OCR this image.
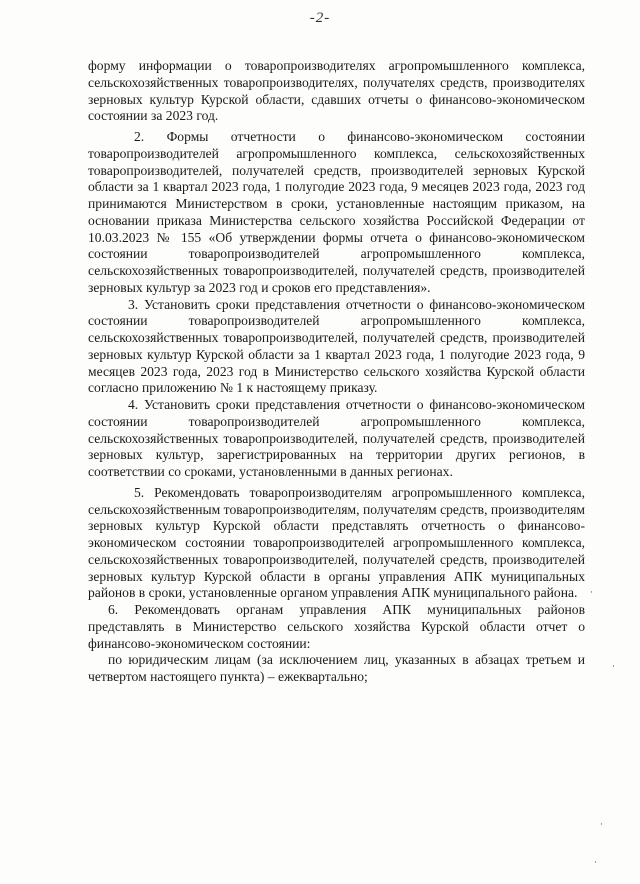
-2-

форму информации о товаропроизводителях агропромышленного комплекса, сельскохозяйственных товаропроизводителях, получателях средств, производителях зерновых культур Курской области, сдавших отчеты о финансово-экономическом состоянии за 2023 год.

2. Формы отчетности о финансово-экономическом состоянии товаропроизводителей агропромышленного комплекса, сельскохозяйственных товаропроизводителей, получателей средств, производителей зерновых Курской области за 1 квартал 2023 года, 1 полугодие 2023 года, 9 месяцев 2023 года, 2023 год принимаются Министерством в сроки, установленные настоящим приказом, на основании приказа Министерства сельского хозяйства Российской Федерации от 10.03.2023 № 155 «Об утверждении формы отчета о финансово-экономическом состоянии товаропроизводителей агропромышленного комплекса, сельскохозяйственных товаропроизводителей, получателей средств, производителей зерновых культур за 2023 год и сроков его представления».

3. Установить сроки представления отчетности о финансово-экономическом состоянии товаропроизводителей агропромышленного комплекса, сельскохозяйственных товаропроизводителей, получателей средств, производителей зерновых культур Курской области за 1 квартал 2023 года, 1 полугодие 2023 года, 9 месяцев 2023 года, 2023 год в Министерство сельского хозяйства Курской области согласно приложению № 1 к настоящему приказу.

4. Установить сроки представления отчетности о финансово-экономическом состоянии товаропроизводителей агропромышленного комплекса, сельскохозяйственных товаропроизводителей, получателей средств, производителей зерновых культур, зарегистрированных на территории других регионов, в соответствии со сроками, установленными в данных регионах.

5. Рекомендовать товаропроизводителям агропромышленного комплекса, сельскохозяйственным товаропроизводителям, получателям средств, производителям зерновых культур Курской области представлять отчетность о финансово-экономическом состоянии товаропроизводителей агропромышленного комплекса, сельскохозяйственных товаропроизводителей, получателей средств, производителей зерновых культур Курской области в органы управления АПК муниципальных районов в сроки, установленные органом управления АПК муниципального района.

6. Рекомендовать органам управления АПК муниципальных районов представлять в Министерство сельского хозяйства Курской области отчет о финансово-экономическом состоянии:

по юридическим лицам (за исключением лиц, указанных в абзацах третьем и четвертом настоящего пункта) – ежеквартально;

·
·
·
·
